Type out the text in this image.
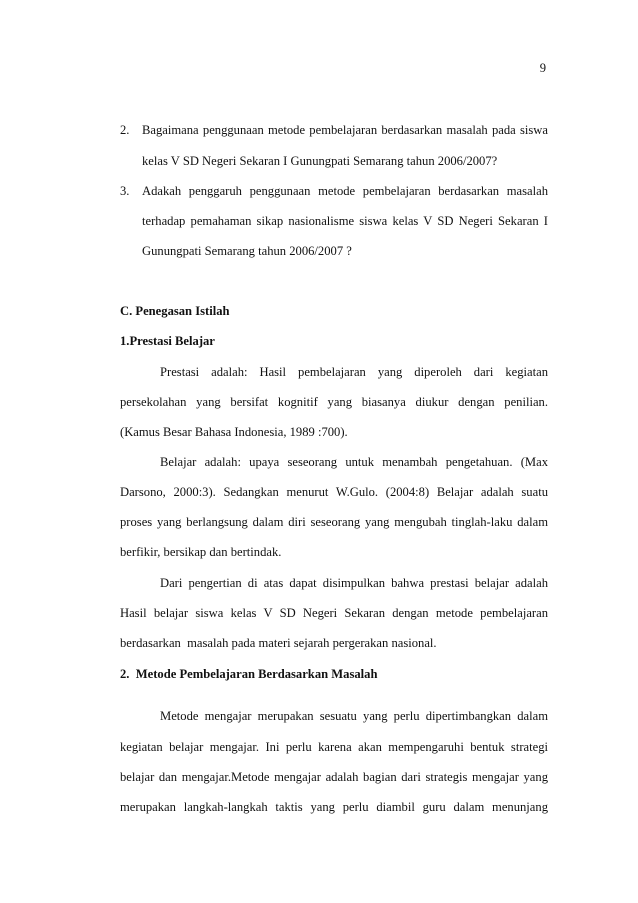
9
2. Bagaimana penggunaan metode pembelajaran berdasarkan masalah pada siswa
kelas V SD Negeri Sekaran I Gunungpati Semarang tahun 2006/2007?
3. Adakah penggaruh penggunaan metode pembelajaran berdasarkan masalah
terhadap pemahaman sikap nasionalisme siswa kelas V SD Negeri Sekaran I
Gunungpati Semarang tahun 2006/2007 ?
C. Penegasan Istilah
1.Prestasi Belajar
Prestasi adalah: Hasil pembelajaran yang diperoleh dari kegiatan
persekolahan yang bersifat kognitif yang biasanya diukur dengan penilian.
(Kamus Besar Bahasa Indonesia, 1989 :700).
Belajar adalah: upaya seseorang untuk menambah pengetahuan. (Max
Darsono, 2000:3). Sedangkan menurut W.Gulo. (2004:8) Belajar adalah suatu
proses yang berlangsung dalam diri seseorang yang mengubah tinglah-laku dalam
berfikir, bersikap dan bertindak.
Dari pengertian di atas dapat disimpulkan bahwa prestasi belajar adalah
Hasil belajar siswa kelas V SD Negeri Sekaran dengan metode pembelajaran
berdasarkan  masalah pada materi sejarah pergerakan nasional.
2.  Metode Pembelajaran Berdasarkan Masalah
Metode mengajar merupakan sesuatu yang perlu dipertimbangkan dalam
kegiatan belajar mengajar. Ini perlu karena akan mempengaruhi bentuk strategi
belajar dan mengajar.Metode mengajar adalah bagian dari strategis mengajar yang
merupakan langkah-langkah taktis yang perlu diambil guru dalam menunjang
